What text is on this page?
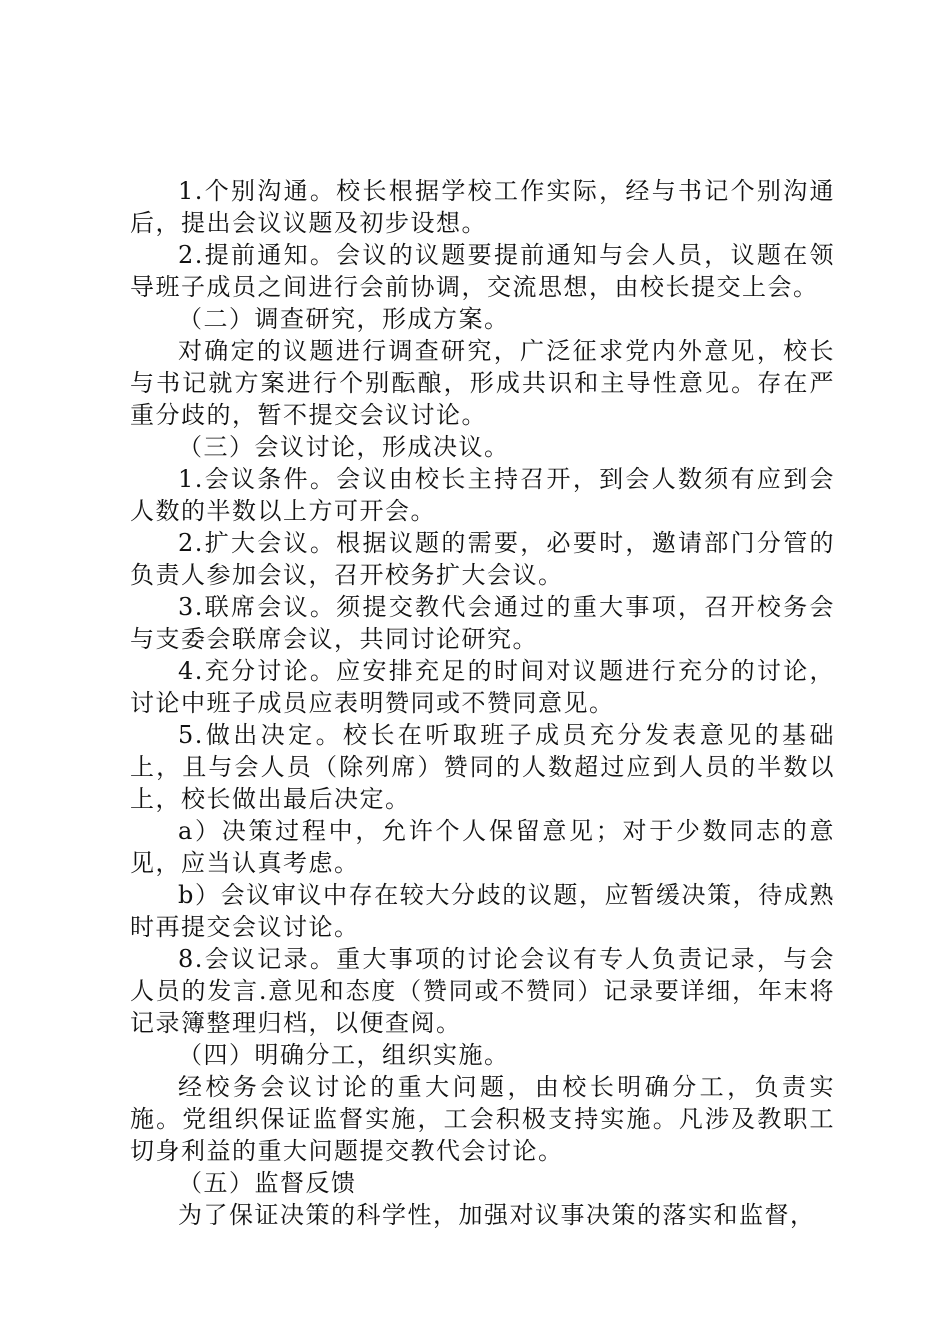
1.个别沟通。校长根据学校工作实际，经与书记个别沟通后，提出会议议题及初步设想。

2.提前通知。会议的议题要提前通知与会人员，议题在领导班子成员之间进行会前协调，交流思想，由校长提交上会。

（二）调查研究，形成方案。

对确定的议题进行调查研究，广泛征求党内外意见，校长与书记就方案进行个别酝酿，形成共识和主导性意见。存在严重分歧的，暂不提交会议讨论。

（三）会议讨论，形成决议。

1.会议条件。会议由校长主持召开，到会人数须有应到会人数的半数以上方可开会。

2.扩大会议。根据议题的需要，必要时，邀请部门分管的负责人参加会议，召开校务扩大会议。

3.联席会议。须提交教代会通过的重大事项，召开校务会与支委会联席会议，共同讨论研究。

4.充分讨论。应安排充足的时间对议题进行充分的讨论，讨论中班子成员应表明赞同或不赞同意见。

5.做出决定。校长在听取班子成员充分发表意见的基础上，且与会人员（除列席）赞同的人数超过应到人员的半数以上，校长做出最后决定。

a）决策过程中，允许个人保留意见；对于少数同志的意见，应当认真考虑。

b）会议审议中存在较大分歧的议题，应暂缓决策，待成熟时再提交会议讨论。

8.会议记录。重大事项的讨论会议有专人负责记录，与会人员的发言.意见和态度（赞同或不赞同）记录要详细，年末将记录簿整理归档，以便查阅。

（四）明确分工，组织实施。

经校务会议讨论的重大问题，由校长明确分工，负责实施。党组织保证监督实施，工会积极支持实施。凡涉及教职工切身利益的重大问题提交教代会讨论。

（五）监督反馈

为了保证决策的科学性，加强对议事决策的落实和监督，
